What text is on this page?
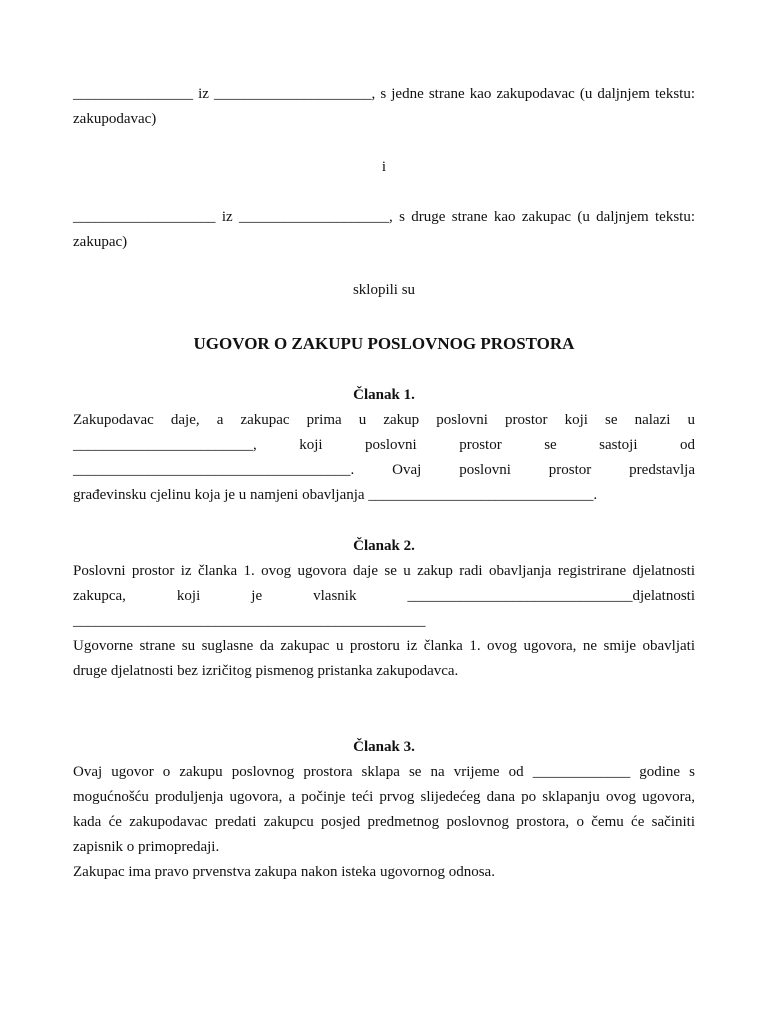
________________ iz _____________________, s jedne strane kao zakupodavac (u daljnjem tekstu:
zakupodavac)
i
___________________ iz ____________________, s druge strane kao zakupac (u daljnjem tekstu:
zakupac)
sklopili su
UGOVOR O ZAKUPU POSLOVNOG PROSTORA
Članak 1.
Zakupodavac daje, a zakupac prima u zakup poslovni prostor koji se nalazi u
________________________, koji poslovni prostor se sastoji od
_____________________________________. Ovaj poslovni prostor predstavlja
građevinsku cjelinu koja je u namjeni obavljanja ______________________________.
Članak 2.
Poslovni prostor iz članka 1. ovog ugovora daje se u zakup radi obavljanja registrirane djelatnosti
zakupca, koji je vlasnik ______________________________djelatnosti
_______________________________________________
Ugovorne strane su suglasne da zakupac u prostoru iz članka 1. ovog ugovora, ne smije obavljati
druge djelatnosti bez izričitog pismenog pristanka zakupodavca.
Članak 3.
Ovaj ugovor o zakupu poslovnog prostora sklapa se na vrijeme od _____________ godine s
mogućnošću produljenja ugovora, a počinje teći prvog slijedećeg dana po sklapanju ovog ugovora,
kada će zakupodavac predati zakupcu posjed predmetnog poslovnog prostora, o čemu će sačiniti
zapisnik o primopredaji.
Zakupac ima pravo prvenstva zakupa nakon isteka ugovornog odnosa.
